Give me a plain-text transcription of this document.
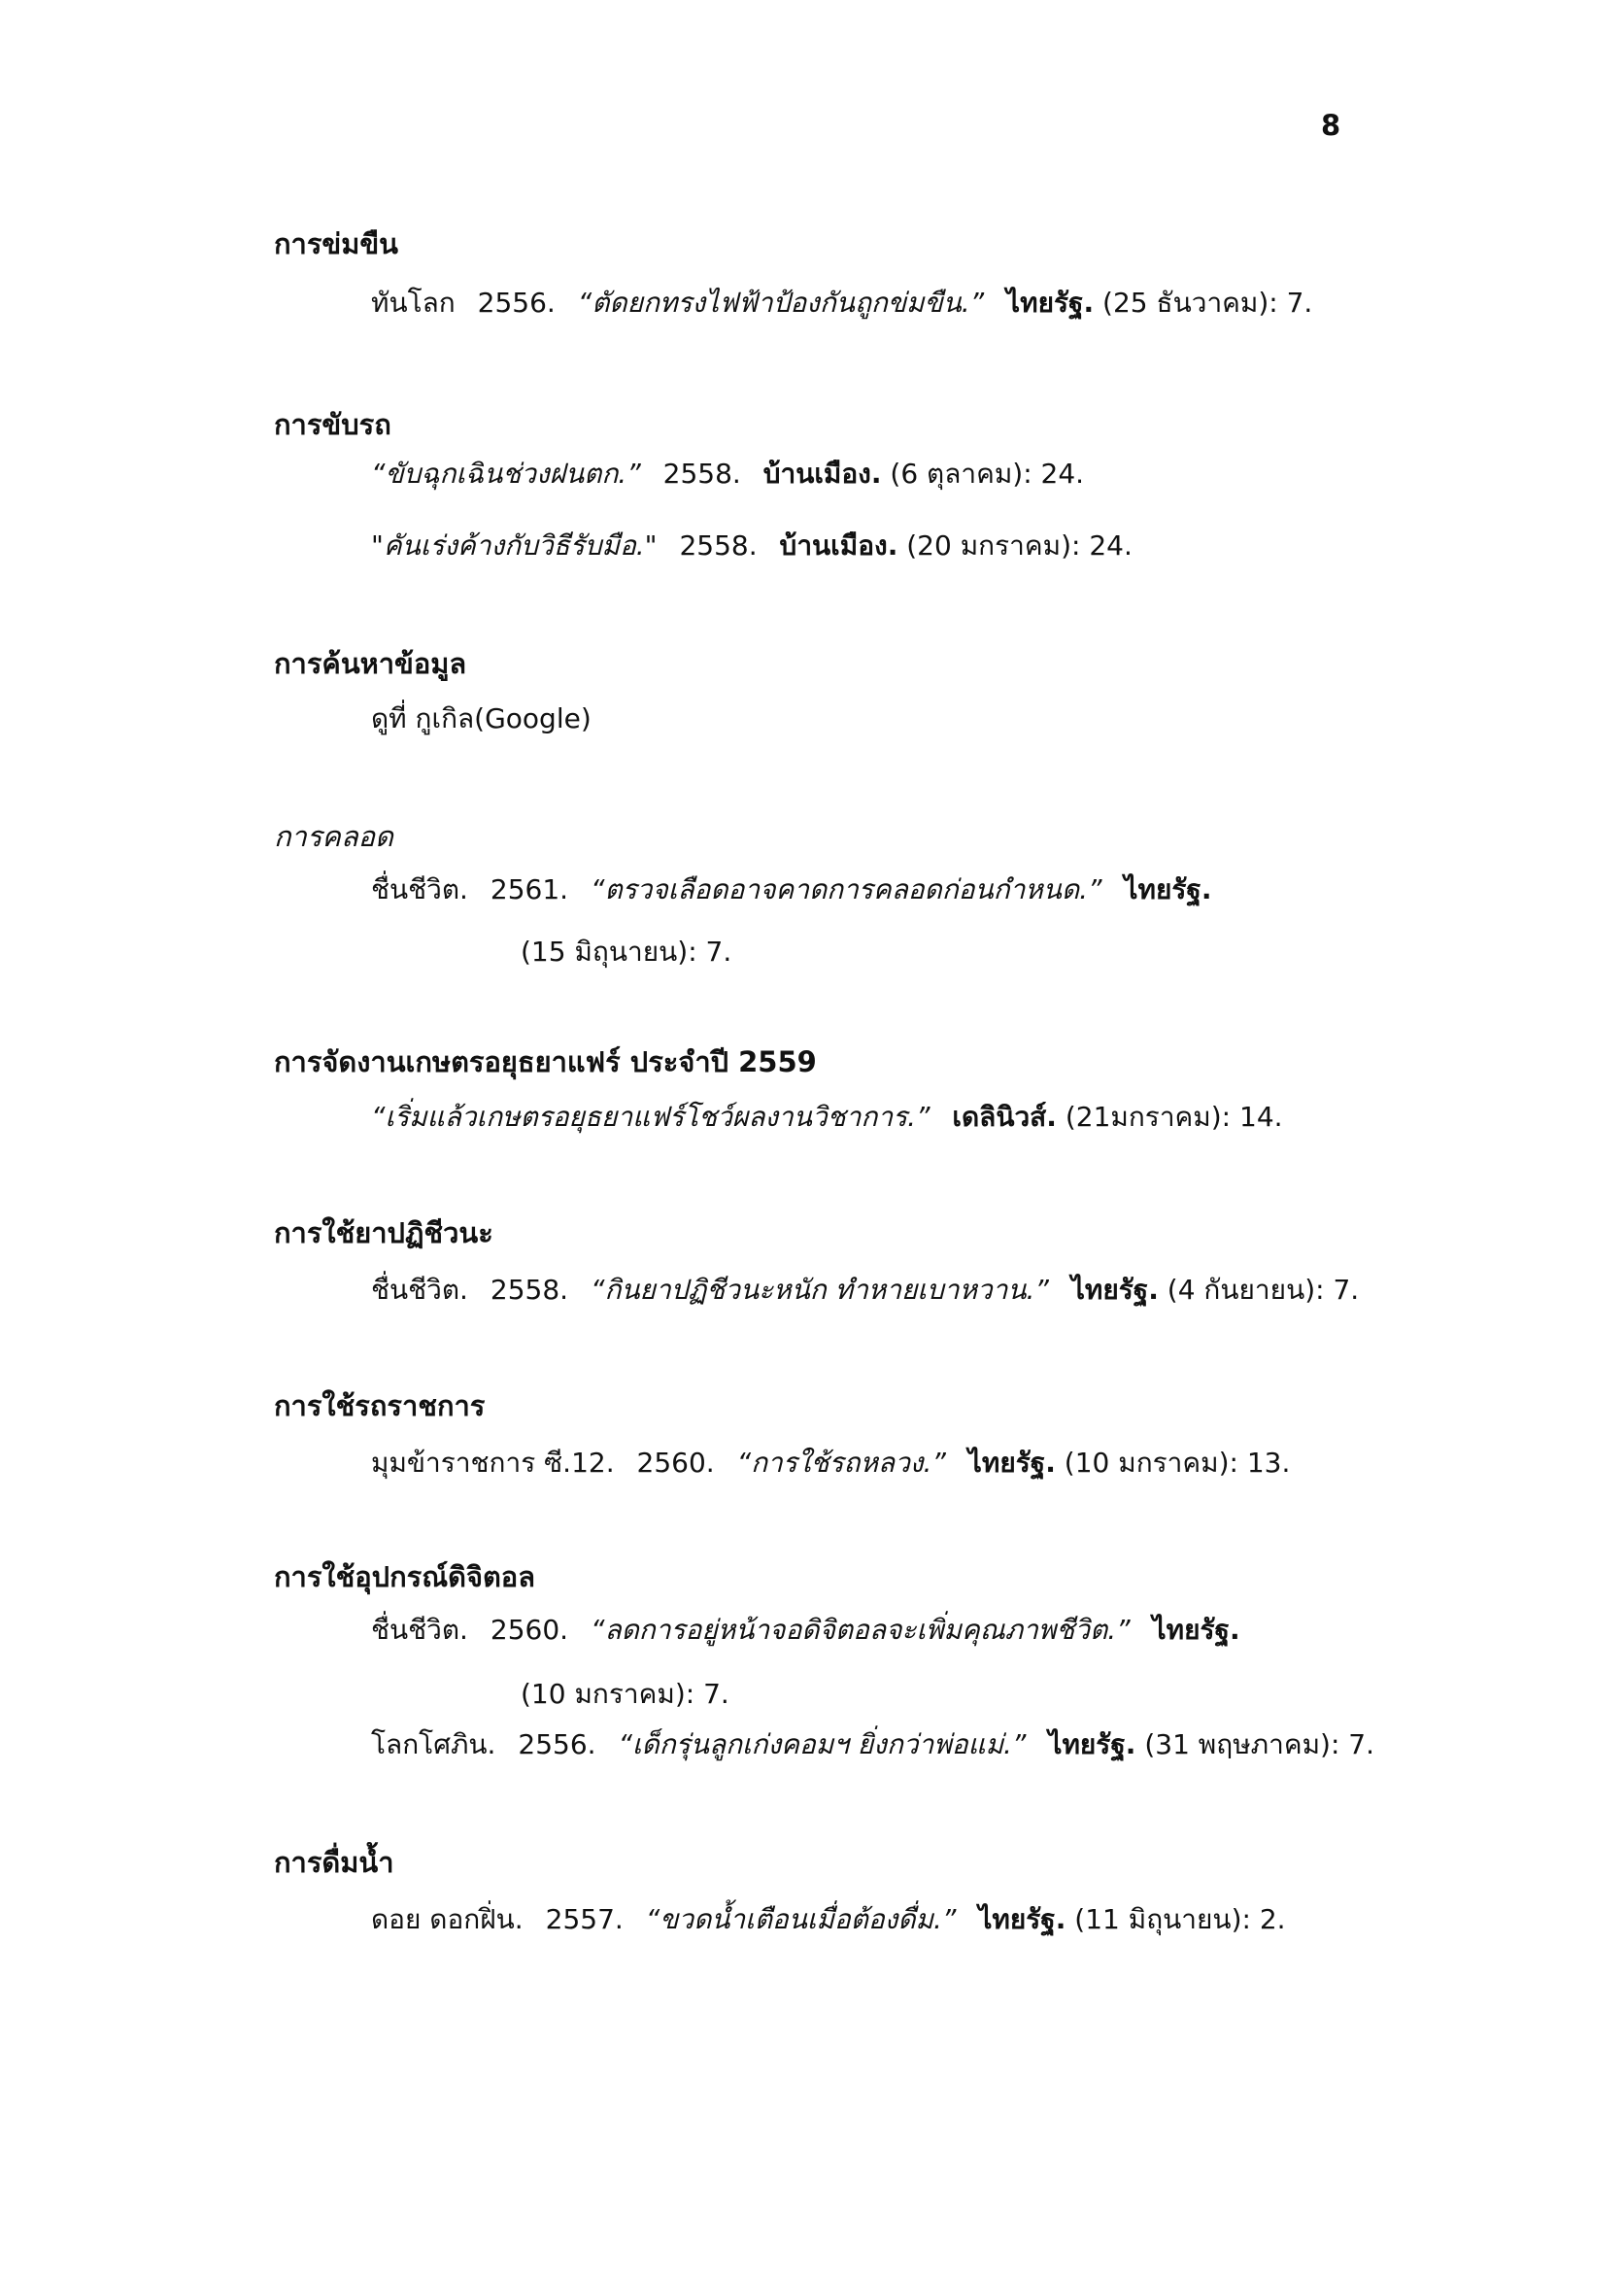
8
การข่มขืน
ทันโลก 2556. “ตัดยกทรงไฟฟ้าป้องกันถูกข่มขืน.” ไทยรัฐ. (25 ธันวาคม): 7.
การขับรถ
“ขับฉุกเฉินช่วงฝนตก.” 2558. บ้านเมือง. (6 ตุลาคม): 24.
"คันเร่งค้างกับวิธีรับมือ." 2558. บ้านเมือง. (20 มกราคม): 24.
การค้นหาข้อมูล
ดูที่ กูเกิล(Google)
การคลอด
ชื่นชีวิต. 2561. “ตรวจเลือดอาจคาดการคลอดก่อนกำหนด.” ไทยรัฐ.
(15 มิถุนายน): 7.
การจัดงานเกษตรอยุธยาแฟร์ ประจำปี 2559
“เริ่มแล้วเกษตรอยุธยาแฟร์โชว์ผลงานวิชาการ.” เดลินิวส์. (21มกราคม): 14.
การใช้ยาปฏิชีวนะ
ชื่นชีวิต. 2558. “กินยาปฏิชีวนะหนัก ทำหายเบาหวาน.” ไทยรัฐ. (4 กันยายน): 7.
การใช้รถราชการ
มุมข้าราชการ ซี.12. 2560. “การใช้รถหลวง.” ไทยรัฐ. (10 มกราคม): 13.
การใช้อุปกรณ์ดิจิตอล
ชื่นชีวิต. 2560. “ลดการอยู่หน้าจอดิจิตอลจะเพิ่มคุณภาพชีวิต.” ไทยรัฐ.
(10 มกราคม): 7.
โลกโศภิน. 2556. “เด็กรุ่นลูกเก่งคอมฯ ยิ่งกว่าพ่อแม่.” ไทยรัฐ. (31 พฤษภาคม): 7.
การดื่มน้ำ
ดอย ดอกฝิ่น. 2557. “ขวดน้ำเตือนเมื่อต้องดื่ม.” ไทยรัฐ. (11 มิถุนายน): 2.
